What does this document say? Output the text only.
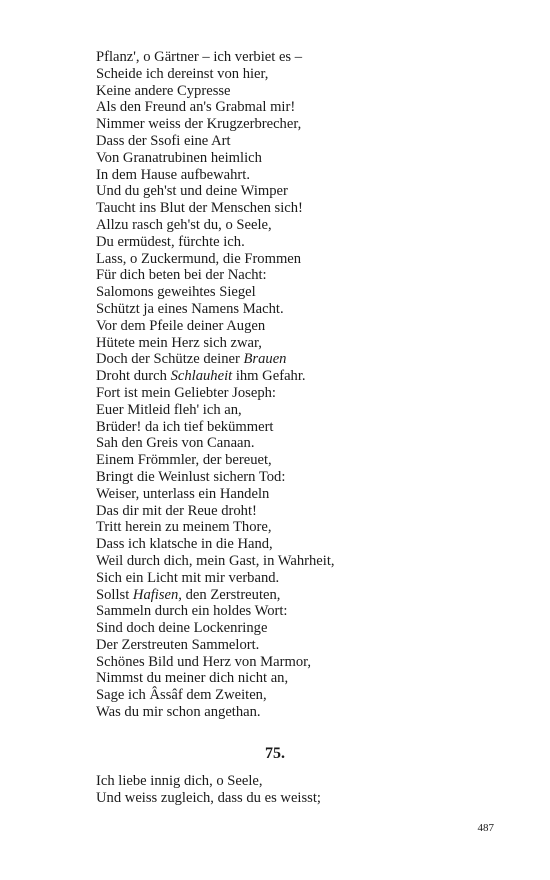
Pflanz', o Gärtner – ich verbiet es –
Scheide ich dereinst von hier,
Keine andere Cypresse
Als den Freund an's Grabmal mir!
Nimmer weiss der Krugzerbrecher,
Dass der Ssofi eine Art
Von Granatrubinen heimlich
In dem Hause aufbewahrt.
Und du geh'st und deine Wimper
Taucht ins Blut der Menschen sich!
Allzu rasch geh'st du, o Seele,
Du ermüdest, fürchte ich.
Lass, o Zuckermund, die Frommen
Für dich beten bei der Nacht:
Salomons geweihtes Siegel
Schützt ja eines Namens Macht.
Vor dem Pfeile deiner Augen
Hütete mein Herz sich zwar,
Doch der Schütze deiner Brauen
Droht durch Schlauheit ihm Gefahr.
Fort ist mein Geliebter Joseph:
Euer Mitleid fleh' ich an,
Brüder! da ich tief bekümmert
Sah den Greis von Canaan.
Einem Frömmler, der bereuet,
Bringt die Weinlust sichern Tod:
Weiser, unterlass ein Handeln
Das dir mit der Reue droht!
Tritt herein zu meinem Thore,
Dass ich klatsche in die Hand,
Weil durch dich, mein Gast, in Wahrheit,
Sich ein Licht mit mir verband.
Sollst Hafisen, den Zerstreuten,
Sammeln durch ein holdes Wort:
Sind doch deine Lockenringe
Der Zerstreuten Sammelort.
Schönes Bild und Herz von Marmor,
Nimmst du meiner dich nicht an,
Sage ich Âssâf dem Zweiten,
Was du mir schon angethan.
75.
Ich liebe innig dich, o Seele,
Und weiss zugleich, dass du es weisst;
487
